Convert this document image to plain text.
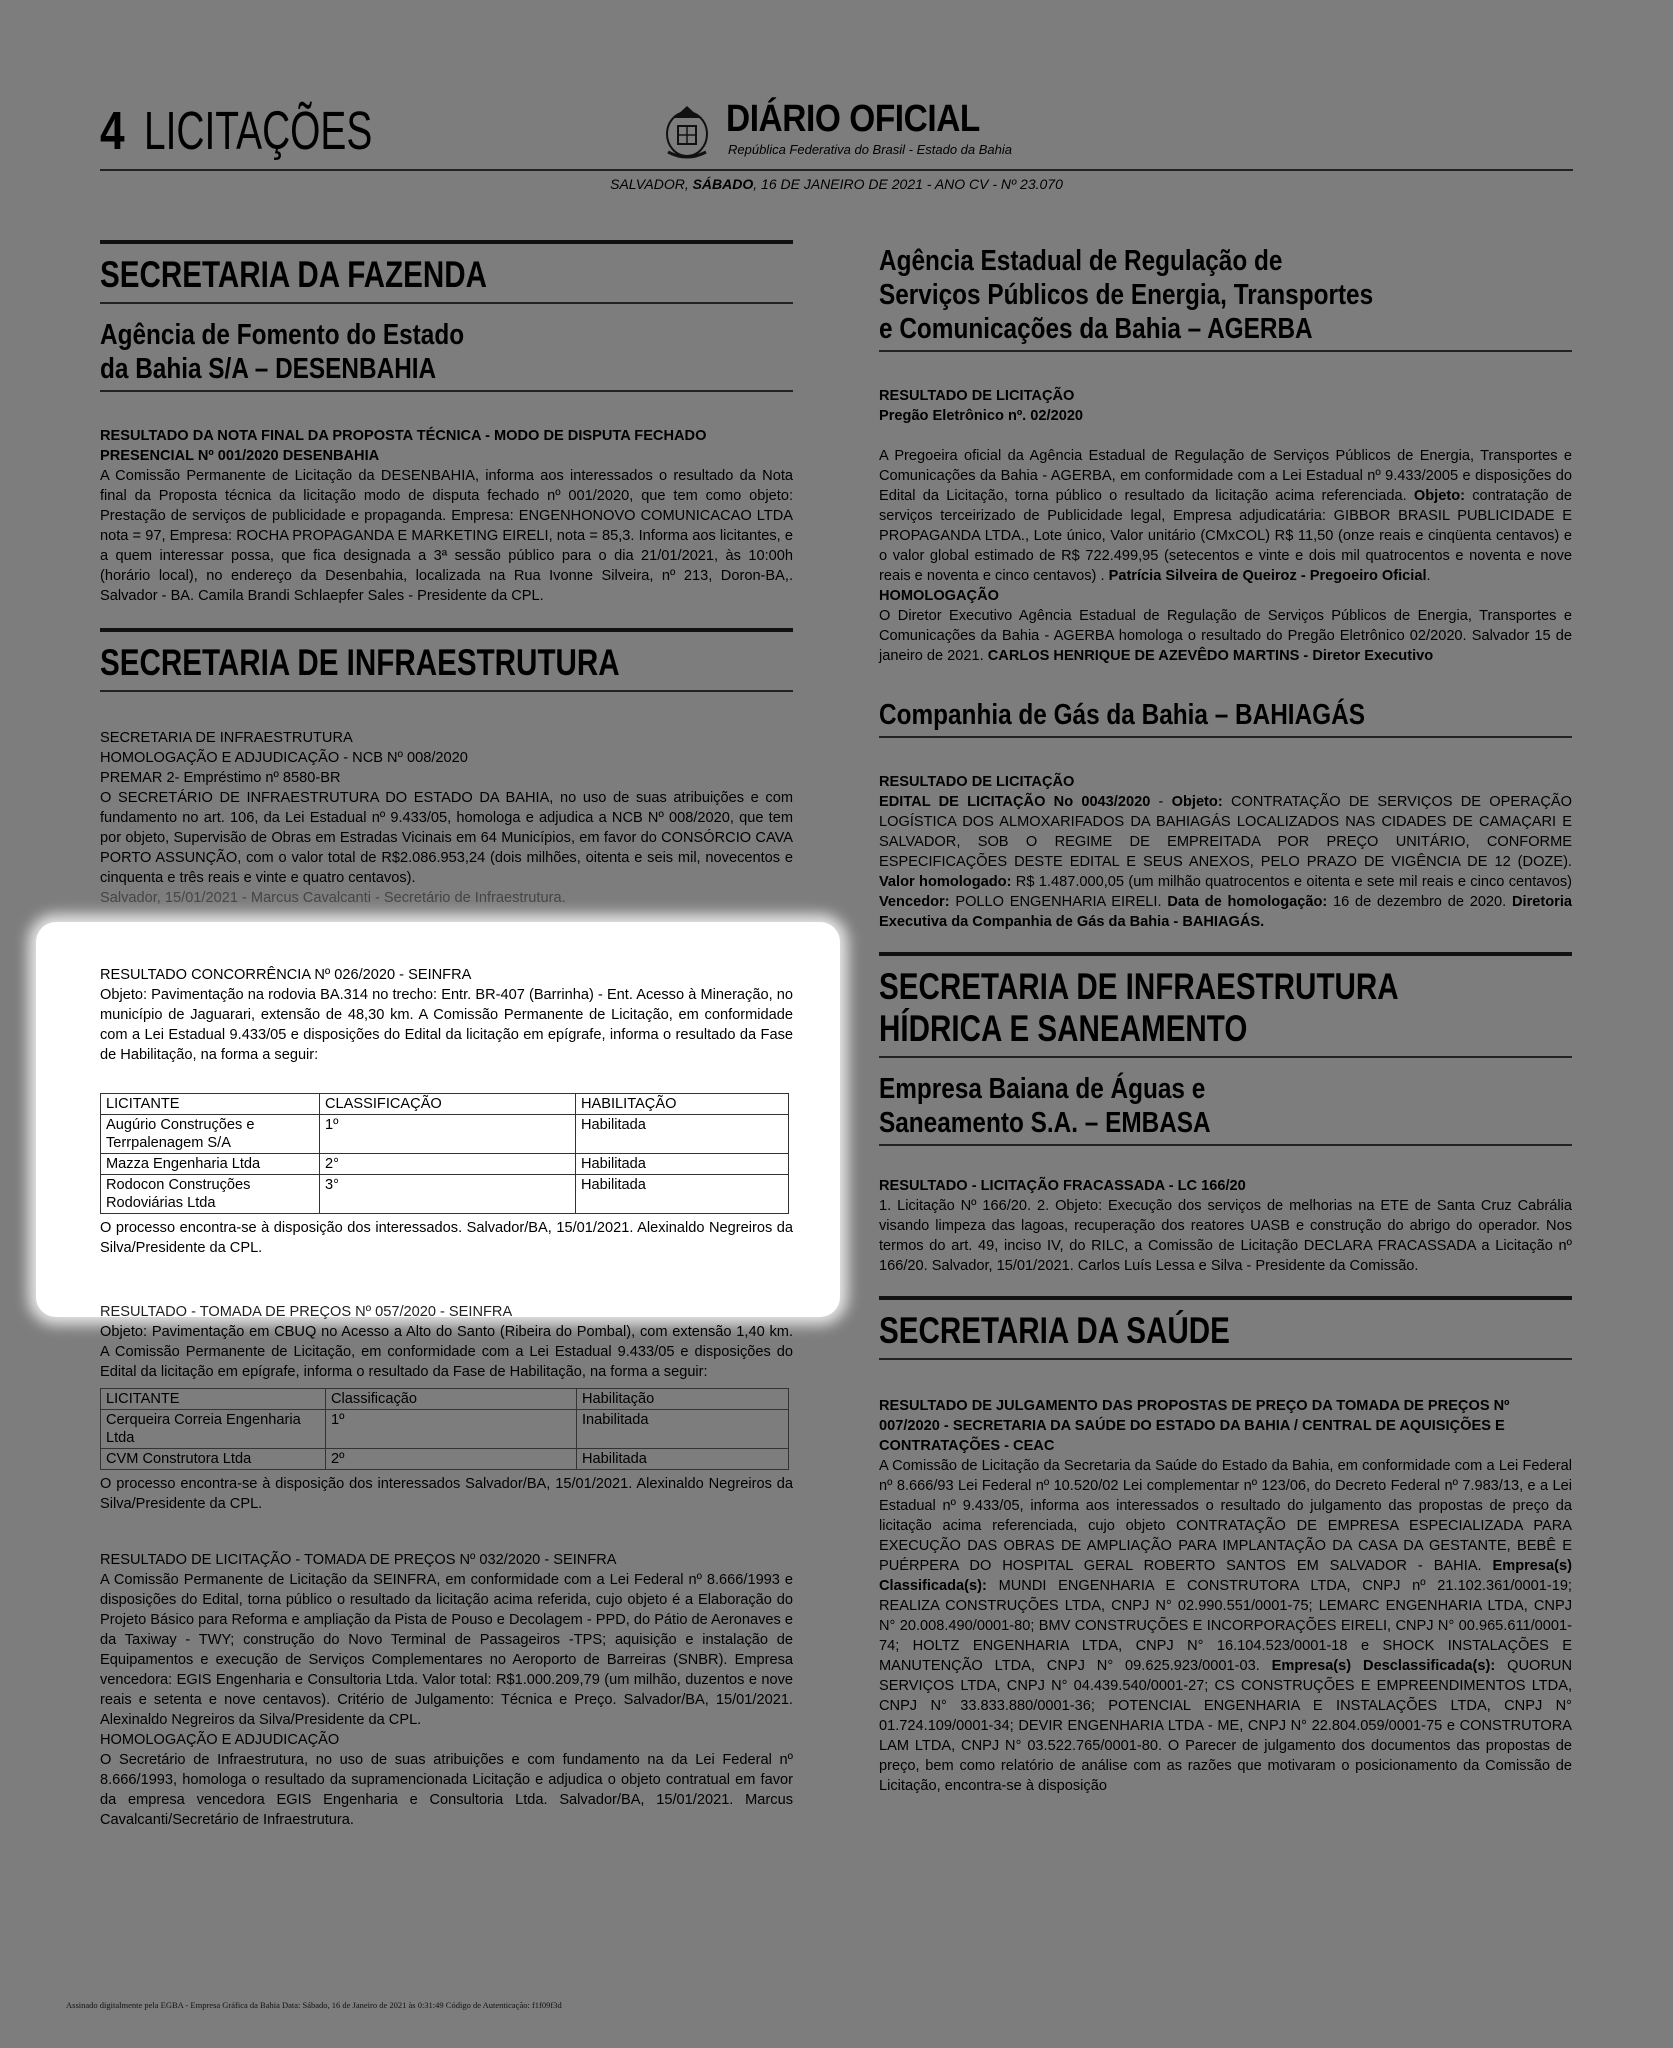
4 LICITAÇÕES	DIÁRIO OFICIAL
República Federativa do Brasil - Estado da Bahia
SALVADOR, SÁBADO, 16 DE JANEIRO DE 2021 - ANO CV - Nº 23.070
SECRETARIA DA FAZENDA
Agência de Fomento do Estado
da Bahia S/A – DESENBAHIA
RESULTADO DA NOTA FINAL DA PROPOSTA TÉCNICA - MODO DE DISPUTA FECHADO
PRESENCIAL Nº 001/2020 DESENBAHIA
A Comissão Permanente de Licitação da DESENBAHIA, informa aos interessados o resultado da Nota final da Proposta técnica da licitação modo de disputa fechado nº 001/2020, que tem como objeto: Prestação de serviços de publicidade e propaganda. Empresa: ENGENHONOVO COMUNICACAO LTDA nota = 97, Empresa: ROCHA PROPAGANDA E MARKETING EIRELI, nota = 85,3. Informa aos licitantes, e a quem interessar possa, que fica designada a 3ª sessão público para o dia 21/01/2021, às 10:00h (horário local), no endereço da Desenbahia, localizada na Rua Ivonne Silveira, nº 213, Doron-BA,. Salvador - BA. Camila Brandi Schlaepfer Sales - Presidente da CPL.
SECRETARIA DE INFRAESTRUTURA
SECRETARIA DE INFRAESTRUTURA
HOMOLOGAÇÃO E ADJUDICAÇÃO - NCB Nº 008/2020
PREMAR 2- Empréstimo nº 8580-BR
O SECRETÁRIO DE INFRAESTRUTURA DO ESTADO DA BAHIA, no uso de suas atribuições e com fundamento no art. 106, da Lei Estadual nº 9.433/05, homologa e adjudica a NCB Nº 008/2020, que tem por objeto, Supervisão de Obras em Estradas Vicinais em 64 Municípios, em favor do CONSÓRCIO CAVA PORTO ASSUNÇÃO, com o valor total de R$2.086.953,24 (dois milhões, oitenta e seis mil, novecentos e cinquenta e três reais e vinte e quatro centavos).
Salvador, 15/01/2021 - Marcus Cavalcanti - Secretário de Infraestrutura.
RESULTADO CONCORRÊNCIA Nº 026/2020 - SEINFRA
Objeto: Pavimentação na rodovia BA.314 no trecho: Entr. BR-407 (Barrinha) - Ent. Acesso à Mineração, no município de Jaguarari, extensão de 48,30 km. A Comissão Permanente de Licitação, em conformidade com a Lei Estadual 9.433/05 e disposições do Edital da licitação em epígrafe, informa o resultado da Fase de Habilitação, na forma a seguir:
LICITANTE	CLASSIFICAÇÃO	HABILITAÇÃO
Augúrio Construções e Terrpalenagem S/A	1º	Habilitada
Mazza Engenharia Ltda	2°	Habilitada
Rodocon Construções Rodoviárias Ltda	3°	Habilitada
O processo encontra-se à disposição dos interessados. Salvador/BA, 15/01/2021. Alexinaldo Negreiros da Silva/Presidente da CPL.
RESULTADO - TOMADA DE PREÇOS Nº 057/2020 - SEINFRA
Objeto: Pavimentação em CBUQ no Acesso a Alto do Santo (Ribeira do Pombal), com extensão 1,40 km. A Comissão Permanente de Licitação, em conformidade com a Lei Estadual 9.433/05 e disposições do Edital da licitação em epígrafe, informa o resultado da Fase de Habilitação, na forma a seguir:
LICITANTE	Classificação	Habilitação
Cerqueira Correia Engenharia Ltda	1º	Inabilitada
CVM Construtora Ltda	2º	Habilitada
O processo encontra-se à disposição dos interessados Salvador/BA, 15/01/2021. Alexinaldo Negreiros da Silva/Presidente da CPL.
RESULTADO DE LICITAÇÃO - TOMADA DE PREÇOS Nº 032/2020 - SEINFRA
A Comissão Permanente de Licitação da SEINFRA, em conformidade com a Lei Federal nº 8.666/1993 e disposições do Edital, torna público o resultado da licitação acima referida, cujo objeto é a Elaboração do Projeto Básico para Reforma e ampliação da Pista de Pouso e Decolagem - PPD, do Pátio de Aeronaves e da Taxiway - TWY; construção do Novo Terminal de Passageiros -TPS; aquisição e instalação de Equipamentos e execução de Serviços Complementares no Aeroporto de Barreiras (SNBR). Empresa vencedora: EGIS Engenharia e Consultoria Ltda. Valor total: R$1.000.209,79 (um milhão, duzentos e nove reais e setenta e nove centavos). Critério de Julgamento: Técnica e Preço. Salvador/BA, 15/01/2021. Alexinaldo Negreiros da Silva/Presidente da CPL.
HOMOLOGAÇÃO E ADJUDICAÇÃO
O Secretário de Infraestrutura, no uso de suas atribuições e com fundamento na da Lei Federal nº 8.666/1993, homologa o resultado da supramencionada Licitação e adjudica o objeto contratual em favor da empresa vencedora EGIS Engenharia e Consultoria Ltda. Salvador/BA, 15/01/2021. Marcus Cavalcanti/Secretário de Infraestrutura.
Agência Estadual de Regulação de
Serviços Públicos de Energia, Transportes
e Comunicações da Bahia – AGERBA
RESULTADO DE LICITAÇÃO
Pregão Eletrônico nº. 02/2020
A Pregoeira oficial da Agência Estadual de Regulação de Serviços Públicos de Energia, Transportes e Comunicações da Bahia - AGERBA, em conformidade com a Lei Estadual nº 9.433/2005 e disposições do Edital da Licitação, torna público o resultado da licitação acima referenciada. Objeto: contratação de serviços terceirizado de Publicidade legal, Empresa adjudicatária: GIBBOR BRASIL PUBLICIDADE E PROPAGANDA LTDA., Lote único, Valor unitário (CMxCOL) R$ 11,50 (onze reais e cinqüenta centavos) e o valor global estimado de R$ 722.499,95 (setecentos e vinte e dois mil quatrocentos e noventa e nove reais e noventa e cinco centavos) . Patrícia Silveira de Queiroz - Pregoeiro Oficial.
HOMOLOGAÇÃO
O Diretor Executivo Agência Estadual de Regulação de Serviços Públicos de Energia, Transportes e Comunicações da Bahia - AGERBA homologa o resultado do Pregão Eletrônico 02/2020. Salvador 15 de janeiro de 2021. CARLOS HENRIQUE DE AZEVÊDO MARTINS - Diretor Executivo
Companhia de Gás da Bahia – BAHIAGÁS
RESULTADO DE LICITAÇÃO
EDITAL DE LICITAÇÃO No 0043/2020 - Objeto: CONTRATAÇÃO DE SERVIÇOS DE OPERAÇÃO LOGÍSTICA DOS ALMOXARIFADOS DA BAHIAGÁS LOCALIZADOS NAS CIDADES DE CAMAÇARI E SALVADOR, SOB O REGIME DE EMPREITADA POR PREÇO UNITÁRIO, CONFORME ESPECIFICAÇÕES DESTE EDITAL E SEUS ANEXOS, PELO PRAZO DE VIGÊNCIA DE 12 (DOZE). Valor homologado: R$ 1.487.000,05 (um milhão quatrocentos e oitenta e sete mil reais e cinco centavos) Vencedor: POLLO ENGENHARIA EIRELI. Data de homologação: 16 de dezembro de 2020. Diretoria Executiva da Companhia de Gás da Bahia - BAHIAGÁS.
SECRETARIA DE INFRAESTRUTURA
HÍDRICA E SANEAMENTO
Empresa Baiana de Águas e
Saneamento S.A. – EMBASA
RESULTADO - LICITAÇÃO FRACASSADA - LC 166/20
1. Licitação Nº 166/20. 2. Objeto: Execução dos serviços de melhorias na ETE de Santa Cruz Cabrália visando limpeza das lagoas, recuperação dos reatores UASB e construção do abrigo do operador. Nos termos do art. 49, inciso IV, do RILC, a Comissão de Licitação DECLARA FRACASSADA a Licitação nº 166/20. Salvador, 15/01/2021. Carlos Luís Lessa e Silva - Presidente da Comissão.
SECRETARIA DA SAÚDE
RESULTADO DE JULGAMENTO DAS PROPOSTAS DE PREÇO DA TOMADA DE PREÇOS Nº 007/2020 - SECRETARIA DA SAÚDE DO ESTADO DA BAHIA / CENTRAL DE AQUISIÇÕES E CONTRATAÇÕES - CEAC
A Comissão de Licitação da Secretaria da Saúde do Estado da Bahia, em conformidade com a Lei Federal nº 8.666/93 Lei Federal nº 10.520/02 Lei complementar nº 123/06, do Decreto Federal nº 7.983/13, e a Lei Estadual nº 9.433/05, informa aos interessados o resultado do julgamento das propostas de preço da licitação acima referenciada, cujo objeto CONTRATAÇÃO DE EMPRESA ESPECIALIZADA PARA EXECUÇÃO DAS OBRAS DE AMPLIAÇÃO PARA IMPLANTAÇÃO DA CASA DA GESTANTE, BEBÊ E PUÉRPERA DO HOSPITAL GERAL ROBERTO SANTOS EM SALVADOR - BAHIA. Empresa(s) Classificada(s): MUNDI ENGENHARIA E CONSTRUTORA LTDA, CNPJ nº 21.102.361/0001-19; REALIZA CONSTRUÇÕES LTDA, CNPJ N° 02.990.551/0001-75; LEMARC ENGENHARIA LTDA, CNPJ N° 20.008.490/0001-80; BMV CONSTRUÇÕES E INCORPORAÇÕES EIRELI, CNPJ N° 00.965.611/0001-74; HOLTZ ENGENHARIA LTDA, CNPJ N° 16.104.523/0001-18 e SHOCK INSTALAÇÕES E MANUTENÇÃO LTDA, CNPJ N° 09.625.923/0001-03. Empresa(s) Desclassificada(s): QUORUN SERVIÇOS LTDA, CNPJ N° 04.439.540/0001-27; CS CONSTRUÇÕES E EMPREENDIMENTOS LTDA, CNPJ N° 33.833.880/0001-36; POTENCIAL ENGENHARIA E INSTALAÇÕES LTDA, CNPJ N° 01.724.109/0001-34; DEVIR ENGENHARIA LTDA - ME, CNPJ N° 22.804.059/0001-75 e CONSTRUTORA LAM LTDA, CNPJ N° 03.522.765/0001-80. O Parecer de julgamento dos documentos das propostas de preço, bem como relatório de análise com as razões que motivaram o posicionamento da Comissão de Licitação, encontra-se à disposição
Assinado digitalmente pela EGBA - Empresa Gráfica da Bahia Data: Sábado, 16 de Janeiro de 2021 às 0:31:49 Código de Autenticação: f1f09f3d
